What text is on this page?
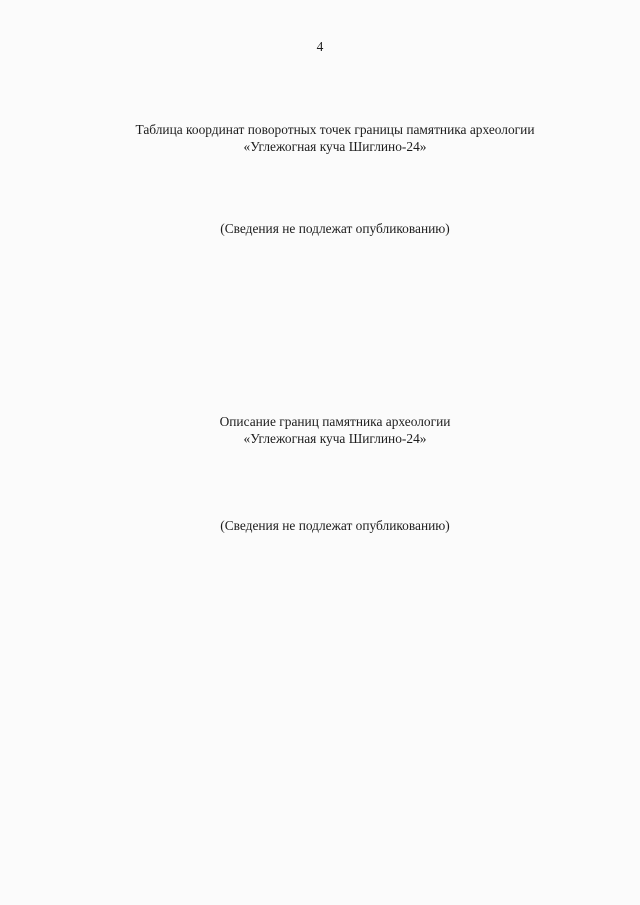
4
Таблица координат поворотных точек границы памятника археологии
«Углежогная куча Шиглино-24»
(Сведения не подлежат опубликованию)
Описание границ памятника археологии
«Углежогная куча Шиглино-24»
(Сведения не подлежат опубликованию)
